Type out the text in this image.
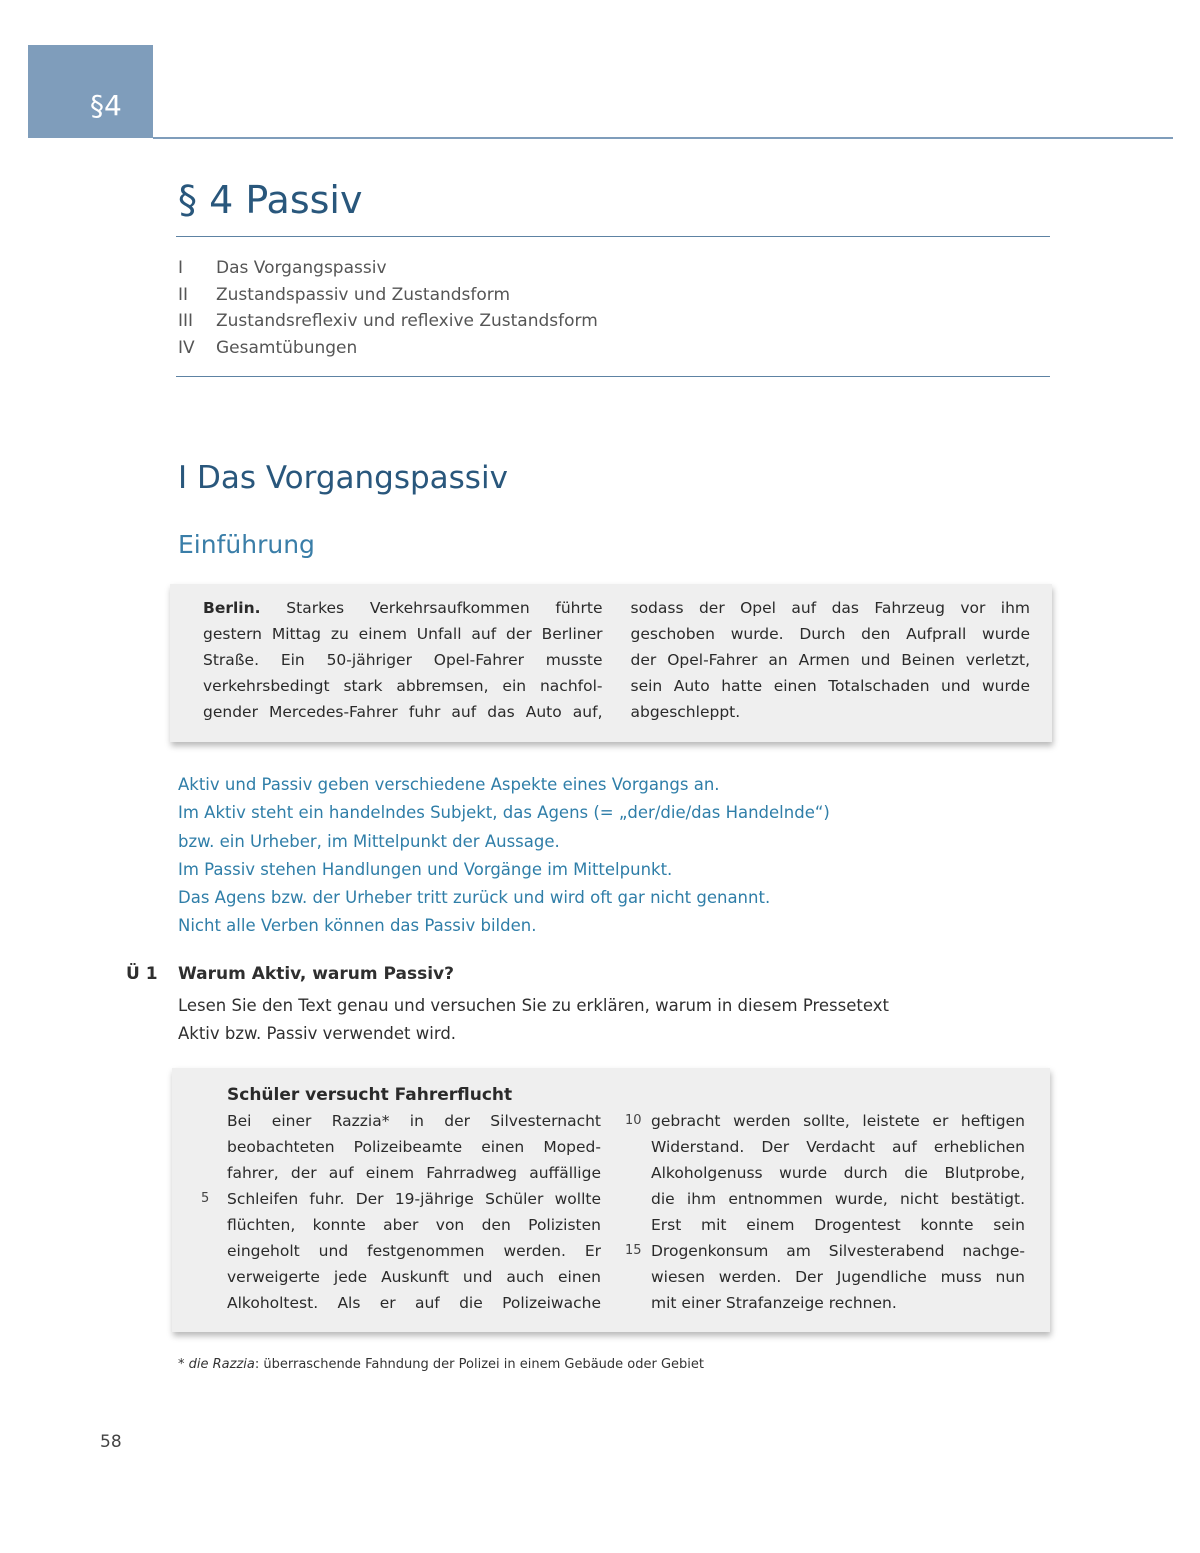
§4
§ 4 Passiv
I	Das Vorgangspassiv
II	Zustandspassiv und Zustandsform
III	Zustandsreflexiv und reflexive Zustandsform
IV	Gesamtübungen
I Das Vorgangspassiv
Einführung
Berlin. Starkes Verkehrsaufkommen führte
gestern Mittag zu einem Unfall auf der Berliner
Straße. Ein 50-jähriger Opel-Fahrer musste
verkehrsbedingt stark abbremsen, ein nachfol-
gender Mercedes-Fahrer fuhr auf das Auto auf,
sodass der Opel auf das Fahrzeug vor ihm
geschoben wurde. Durch den Aufprall wurde
der Opel-Fahrer an Armen und Beinen verletzt,
sein Auto hatte einen Totalschaden und wurde
abgeschleppt.
Aktiv und Passiv geben verschiedene Aspekte eines Vorgangs an.
Im Aktiv steht ein handelndes Subjekt, das Agens (= „der/die/das Handelnde“)
bzw. ein Urheber, im Mittelpunkt der Aussage.
Im Passiv stehen Handlungen und Vorgänge im Mittelpunkt.
Das Agens bzw. der Urheber tritt zurück und wird oft gar nicht genannt.
Nicht alle Verben können das Passiv bilden.
Ü 1 Warum Aktiv, warum Passiv?

Lesen Sie den Text genau und versuchen Sie zu erklären, warum in diesem Pressetext
Aktiv bzw. Passiv verwendet wird.

Schüler versucht Fahrerflucht
5
Bei einer Razzia* in der Silvesternacht
beobachteten Polizeibeamte einen Moped-
fahrer, der auf einem Fahrradweg auffällige
Schleifen fuhr. Der 19-jährige Schüler wollte
flüchten, konnte aber von den Polizisten
eingeholt und festgenommen werden. Er
verweigerte jede Auskunft und auch einen
Alkoholtest. Als er auf die Polizeiwache
10
15
gebracht werden sollte, leistete er heftigen
Widerstand. Der Verdacht auf erheblichen
Alkoholgenuss wurde durch die Blutprobe,
die ihm entnommen wurde, nicht bestätigt.
Erst mit einem Drogentest konnte sein
Drogenkonsum am Silvesterabend nachge-
wiesen werden. Der Jugendliche muss nun
mit einer Strafanzeige rechnen.
* die Razzia: überraschende Fahndung der Polizei in einem Gebäude oder Gebiet
58
